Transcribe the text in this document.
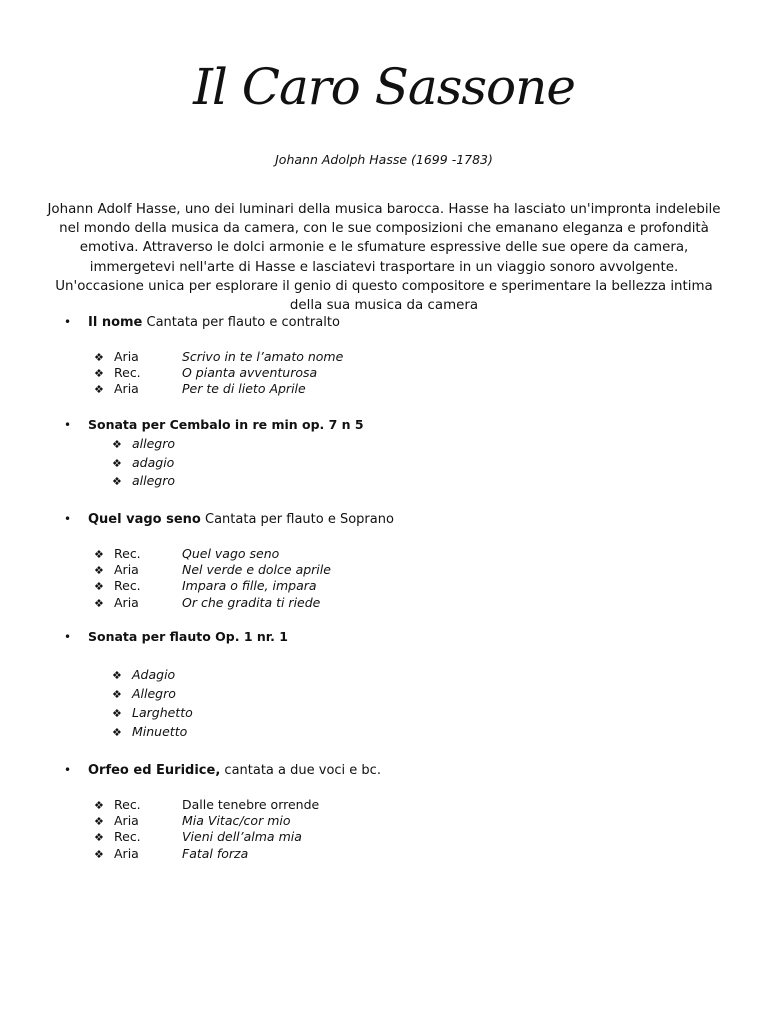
Il Caro Sassone
Johann Adolph Hasse (1699 -1783)
Johann Adolf Hasse, uno dei luminari della musica barocca. Hasse ha lasciato un'impronta indelebile nel mondo della musica da camera, con le sue composizioni che emanano eleganza e profondità emotiva. Attraverso le dolci armonie e le sfumature espressive delle sue opere da camera, immergetevi nell'arte di Hasse e lasciatevi trasportare in un viaggio sonoro avvolgente. Un'occasione unica per esplorare il genio di questo compositore e sperimentare la bellezza intima della sua musica da camera
• Il nome Cantata per flauto e contralto
❖ Aria	Scrivo in te l’amato nome
❖ Rec.	O pianta avventurosa
❖ Aria	Per te di lieto Aprile
• Sonata per Cembalo in re min op. 7 n 5
❖ allegro
❖ adagio
❖ allegro
• Quel vago seno Cantata per flauto e Soprano
❖ Rec.	Quel vago seno
❖ Aria	Nel verde e dolce aprile
❖ Rec.	Impara o fille, impara
❖ Aria	Or che gradita ti riede
• Sonata per flauto Op. 1 nr. 1
❖ Adagio
❖ Allegro
❖ Larghetto
❖ Minuetto
• Orfeo ed Euridice, cantata a due voci e bc.
❖ Rec.	Dalle tenebre orrende
❖ Aria	Mia Vitac/cor mio
❖ Rec.	Vieni dell’alma mia
❖ Aria	Fatal forza
